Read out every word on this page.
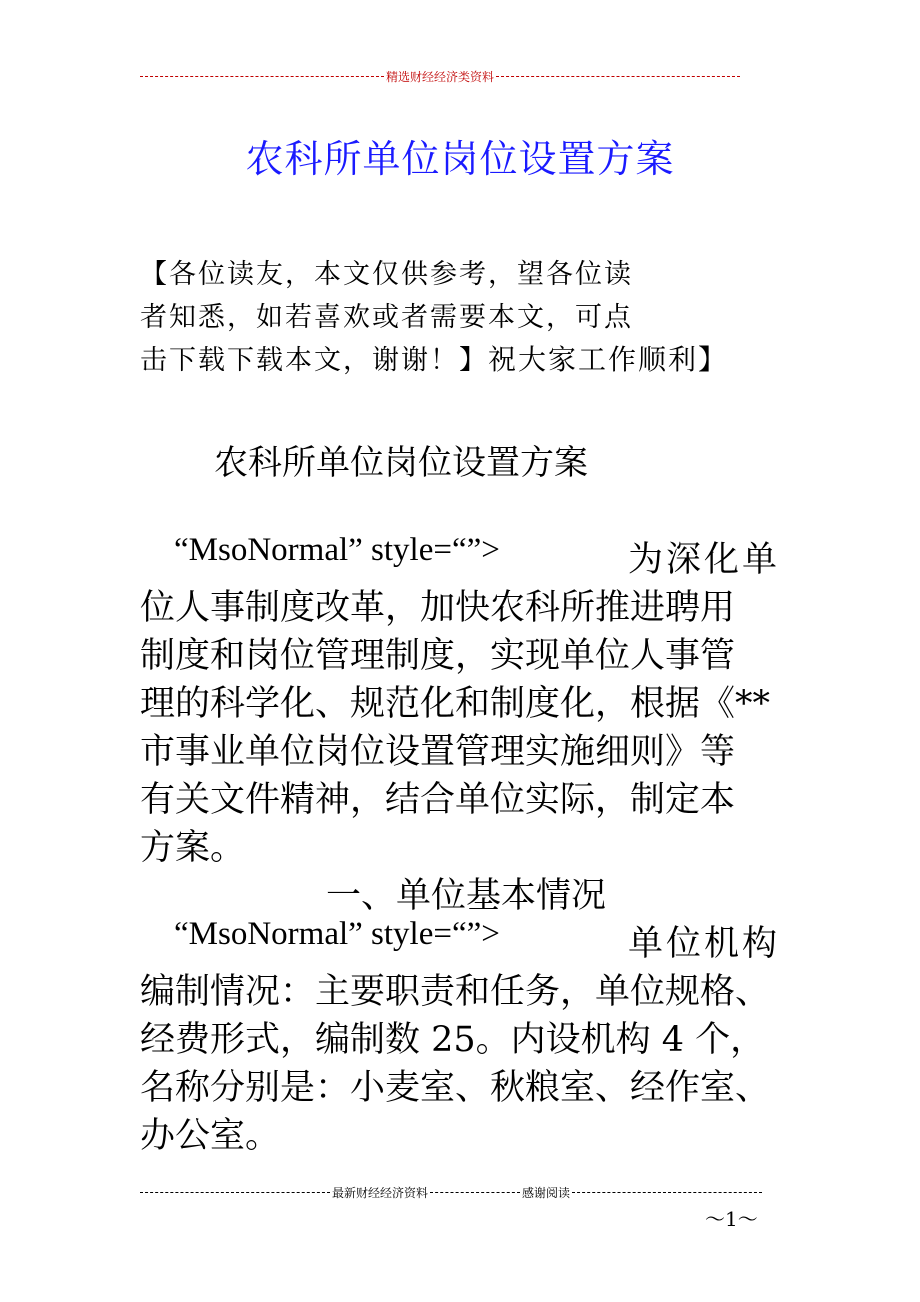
精选财经经济类资料
农科所单位岗位设置方案
【各位读友，本文仅供参考，望各位读
者知悉，如若喜欢或者需要本文，可点
击下载下载本文，谢谢！】祝大家工作顺利】
农科所单位岗位设置方案
“MsoNormal” style=“”>	为深化单
位人事制度改革，加快农科所推进聘用
制度和岗位管理制度，实现单位人事管
理的科学化、规范化和制度化，根据《**
市事业单位岗位设置管理实施细则》等
有关文件精神，结合单位实际，制定本
方案。
一、单位基本情况
“MsoNormal” style=“”>	单位机构
编制情况：主要职责和任务，单位规格、
经费形式，编制数 25。内设机构 4 个，
名称分别是：小麦室、秋粮室、经作室、
办公室。
最新财经经济资料	感谢阅读
～1～
